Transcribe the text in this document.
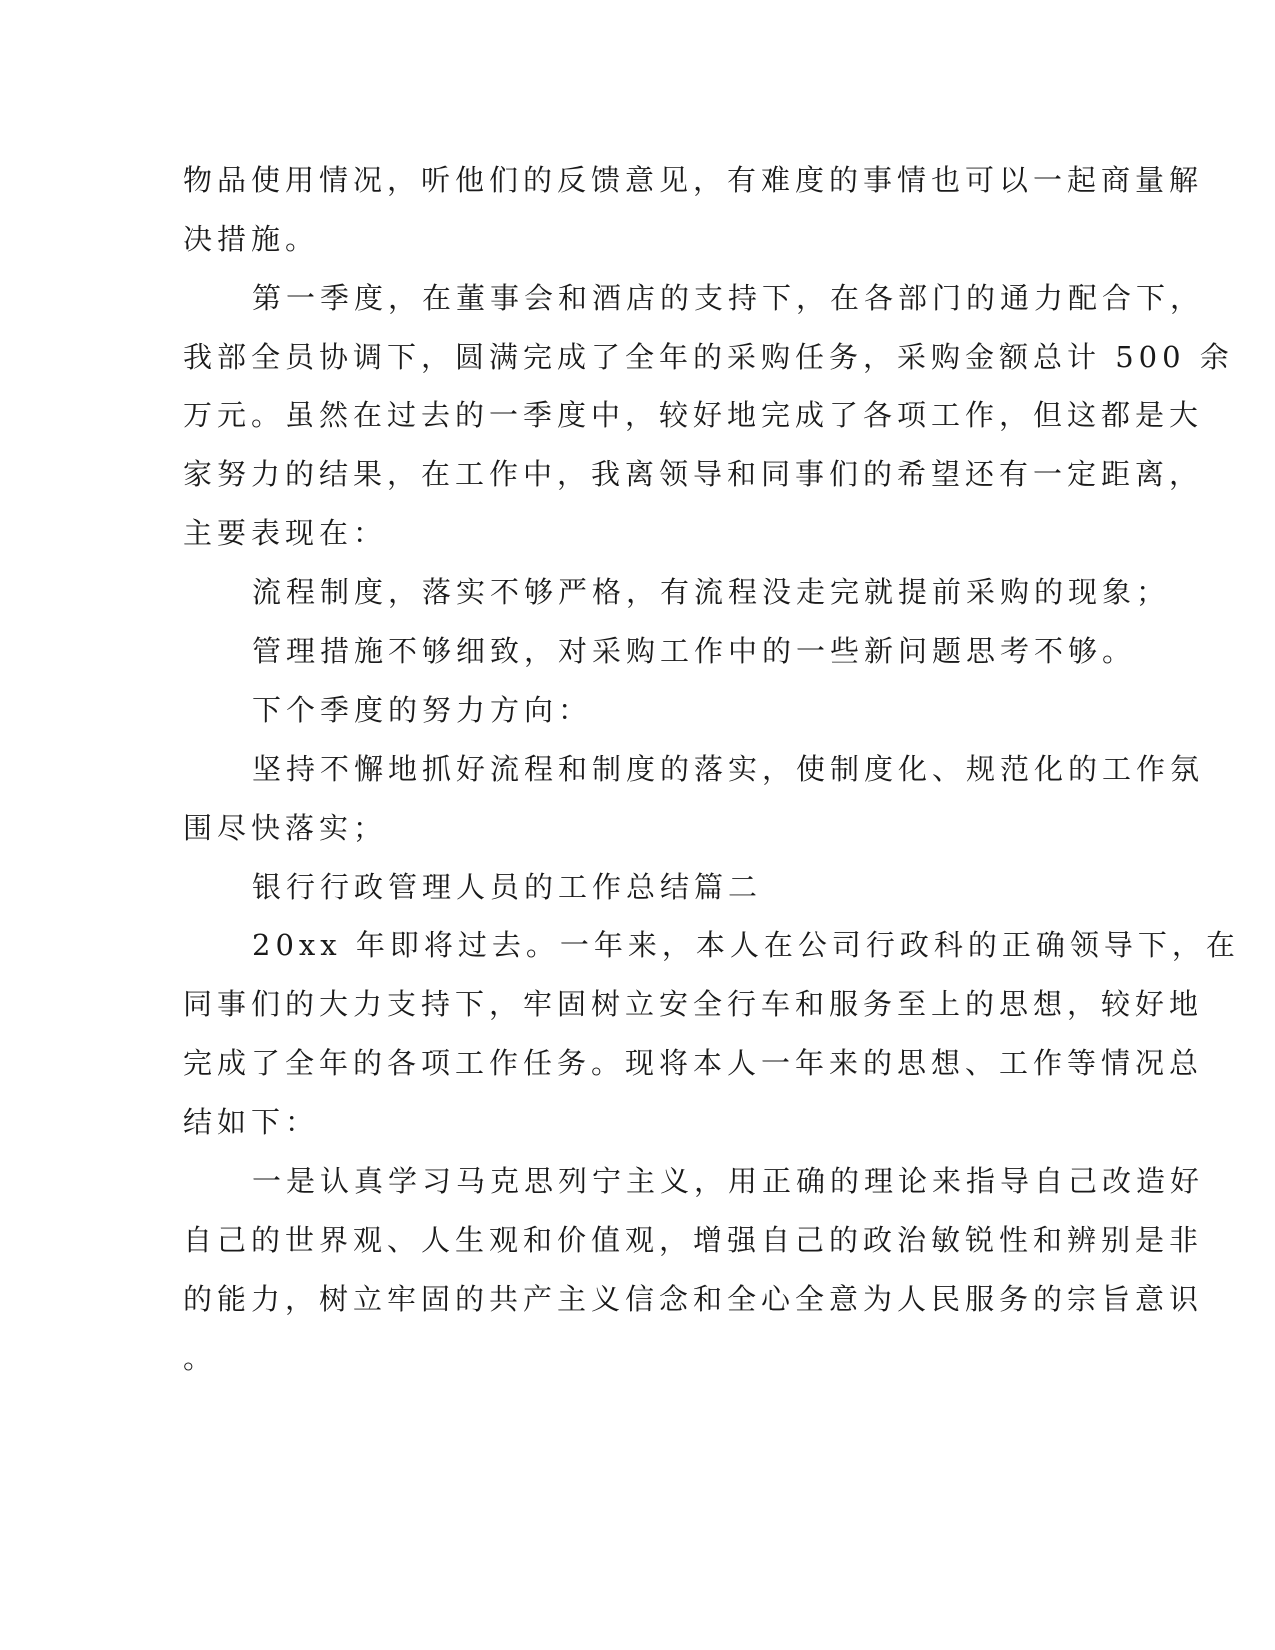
物品使用情况，听他们的反馈意见，有难度的事情也可以一起商量解

决措施。

第一季度，在董事会和酒店的支持下，在各部门的通力配合下，

我部全员协调下，圆满完成了全年的采购任务，采购金额总计 500 余

万元。虽然在过去的一季度中，较好地完成了各项工作，但这都是大

家努力的结果，在工作中，我离领导和同事们的希望还有一定距离，

主要表现在：

流程制度，落实不够严格，有流程没走完就提前采购的现象；

管理措施不够细致，对采购工作中的一些新问题思考不够。

下个季度的努力方向：

坚持不懈地抓好流程和制度的落实，使制度化、规范化的工作氛

围尽快落实；

银行行政管理人员的工作总结篇二

20xx 年即将过去。一年来，本人在公司行政科的正确领导下，在

同事们的大力支持下，牢固树立安全行车和服务至上的思想，较好地

完成了全年的各项工作任务。现将本人一年来的思想、工作等情况总

结如下：

一是认真学习马克思列宁主义，用正确的理论来指导自己改造好

自己的世界观、人生观和价值观，增强自己的政治敏锐性和辨别是非

的能力，树立牢固的共产主义信念和全心全意为人民服务的宗旨意识

。
